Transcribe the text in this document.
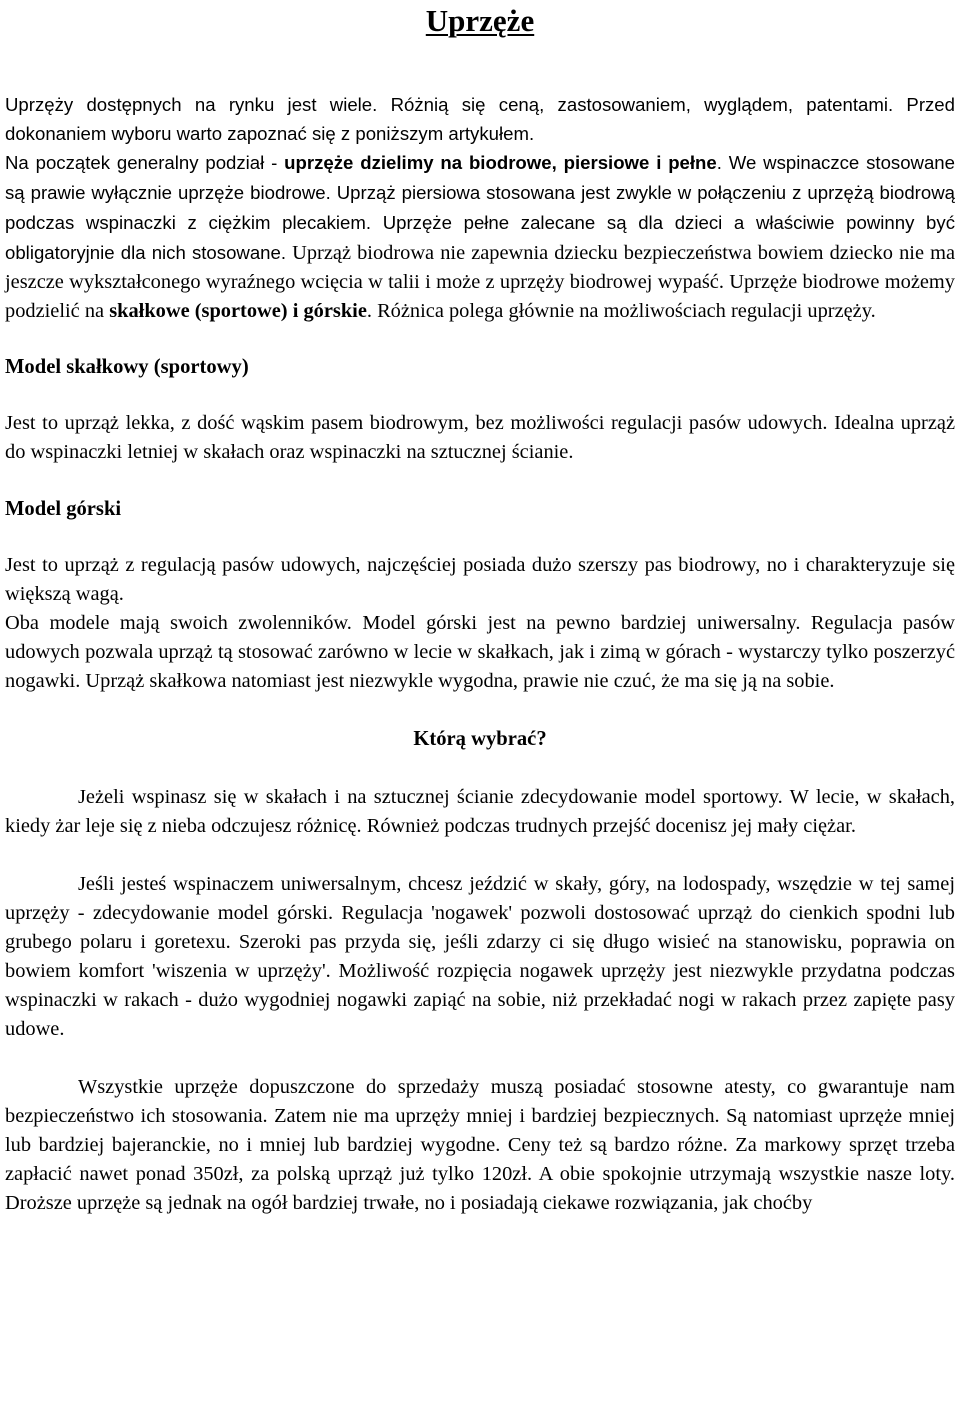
Uprzęże

Uprzęży dostępnych na rynku jest wiele. Różnią się ceną, zastosowaniem, wyglądem, patentami. Przed dokonaniem wyboru warto zapoznać się z poniższym artykułem.

Na początek generalny podział - uprzęże dzielimy na biodrowe, piersiowe i pełne. We wspinaczce stosowane są prawie wyłącznie uprzęże biodrowe. Uprząż piersiowa stosowana jest zwykle w połączeniu z uprzężą biodrową podczas wspinaczki z ciężkim plecakiem. Uprzęże pełne zalecane są dla dzieci a właściwie powinny być obligatoryjnie dla nich stosowane. Uprząż biodrowa nie zapewnia dziecku bezpieczeństwa bowiem dziecko nie ma jeszcze wykształconego wyraźnego wcięcia w talii i może z uprzęży biodrowej wypaść. Uprzęże biodrowe możemy podzielić na skałkowe (sportowe) i górskie. Różnica polega głównie na możliwościach regulacji uprzęży.

Model skałkowy (sportowy)

Jest to uprząż lekka, z dość wąskim pasem biodrowym, bez możliwości regulacji pasów udowych. Idealna uprząż do wspinaczki letniej w skałach oraz wspinaczki na sztucznej ścianie.

Model górski

Jest to uprząż z regulacją pasów udowych, najczęściej posiada dużo szerszy pas biodrowy, no i charakteryzuje się większą wagą.

Oba modele mają swoich zwolenników. Model górski jest na pewno bardziej uniwersalny. Regulacja pasów udowych pozwala uprząż tą stosować zarówno w lecie w skałkach, jak i zimą w górach - wystarczy tylko poszerzyć nogawki. Uprząż skałkowa natomiast jest niezwykle wygodna, prawie nie czuć, że ma się ją na sobie.

Którą wybrać?

Jeżeli wspinasz się w skałach i na sztucznej ścianie zdecydowanie model sportowy. W lecie, w skałach, kiedy żar leje się z nieba odczujesz różnicę. Również podczas trudnych przejść docenisz jej mały ciężar.

Jeśli jesteś wspinaczem uniwersalnym, chcesz jeździć w skały, góry, na lodospady, wszędzie w tej samej uprzęży - zdecydowanie model górski. Regulacja 'nogawek' pozwoli dostosować uprząż do cienkich spodni lub grubego polaru i goretexu. Szeroki pas przyda się, jeśli zdarzy ci się długo wisieć na stanowisku, poprawia on bowiem komfort 'wiszenia w uprzęży'. Możliwość rozpięcia nogawek uprzęży jest niezwykle przydatna podczas wspinaczki w rakach - dużo wygodniej nogawki zapiąć na sobie, niż przekładać nogi w rakach przez zapięte pasy udowe.

Wszystkie uprzęże dopuszczone do sprzedaży muszą posiadać stosowne atesty, co gwarantuje nam bezpieczeństwo ich stosowania. Zatem nie ma uprzęży mniej i bardziej bezpiecznych. Są natomiast uprzęże mniej lub bardziej bajeranckie, no i mniej lub bardziej wygodne. Ceny też są bardzo różne. Za markowy sprzęt trzeba zapłacić nawet ponad 350zł, za polską uprząż już tylko 120zł. A obie spokojnie utrzymają wszystkie nasze loty. Droższe uprzęże są jednak na ogół bardziej trwałe, no i posiadają ciekawe rozwiązania, jak choćby
